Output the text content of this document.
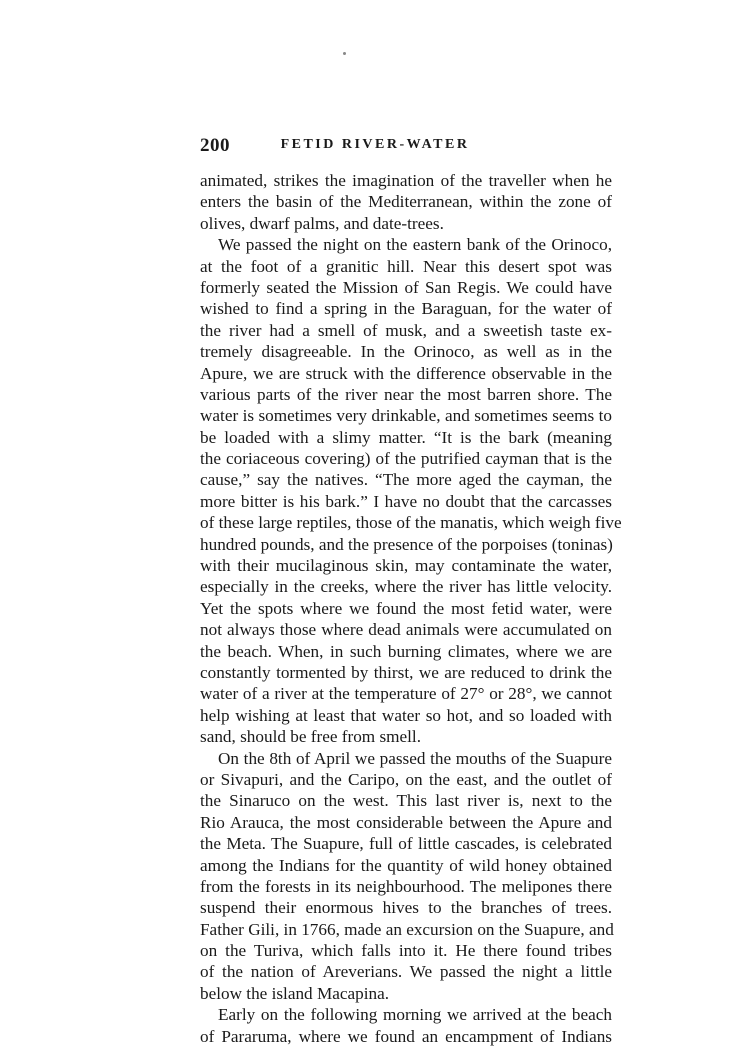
200	FETID RIVER-WATER
animated, strikes the imagination of the traveller when he
enters the basin of the Mediterranean, within the zone of
olives, dwarf palms, and date-trees.
We passed the night on the eastern bank of the Orinoco,
at the foot of a granitic hill. Near this desert spot was
formerly seated the Mission of San Regis. We could have
wished to find a spring in the Baraguan, for the water of
the river had a smell of musk, and a sweetish taste ex-
tremely disagreeable. In the Orinoco, as well as in the
Apure, we are struck with the difference observable in the
various parts of the river near the most barren shore. The
water is sometimes very drinkable, and sometimes seems to
be loaded with a slimy matter. “It is the bark (meaning
the coriaceous covering) of the putrified cayman that is the
cause,” say the natives. “The more aged the cayman, the
more bitter is his bark.” I have no doubt that the carcasses
of these large reptiles, those of the manatis, which weigh five
hundred pounds, and the presence of the porpoises (toninas)
with their mucilaginous skin, may contaminate the water,
especially in the creeks, where the river has little velocity.
Yet the spots where we found the most fetid water, were
not always those where dead animals were accumulated on
the beach. When, in such burning climates, where we are
constantly tormented by thirst, we are reduced to drink the
water of a river at the temperature of 27° or 28°, we cannot
help wishing at least that water so hot, and so loaded with
sand, should be free from smell.
On the 8th of April we passed the mouths of the Suapure
or Sivapuri, and the Caripo, on the east, and the outlet of
the Sinaruco on the west. This last river is, next to the
Rio Arauca, the most considerable between the Apure and
the Meta. The Suapure, full of little cascades, is celebrated
among the Indians for the quantity of wild honey obtained
from the forests in its neighbourhood. The melipones there
suspend their enormous hives to the branches of trees.
Father Gili, in 1766, made an excursion on the Suapure, and
on the Turiva, which falls into it. He there found tribes
of the nation of Areverians. We passed the night a little
below the island Macapina.
Early on the following morning we arrived at the beach
of Pararuma, where we found an encampment of Indians
